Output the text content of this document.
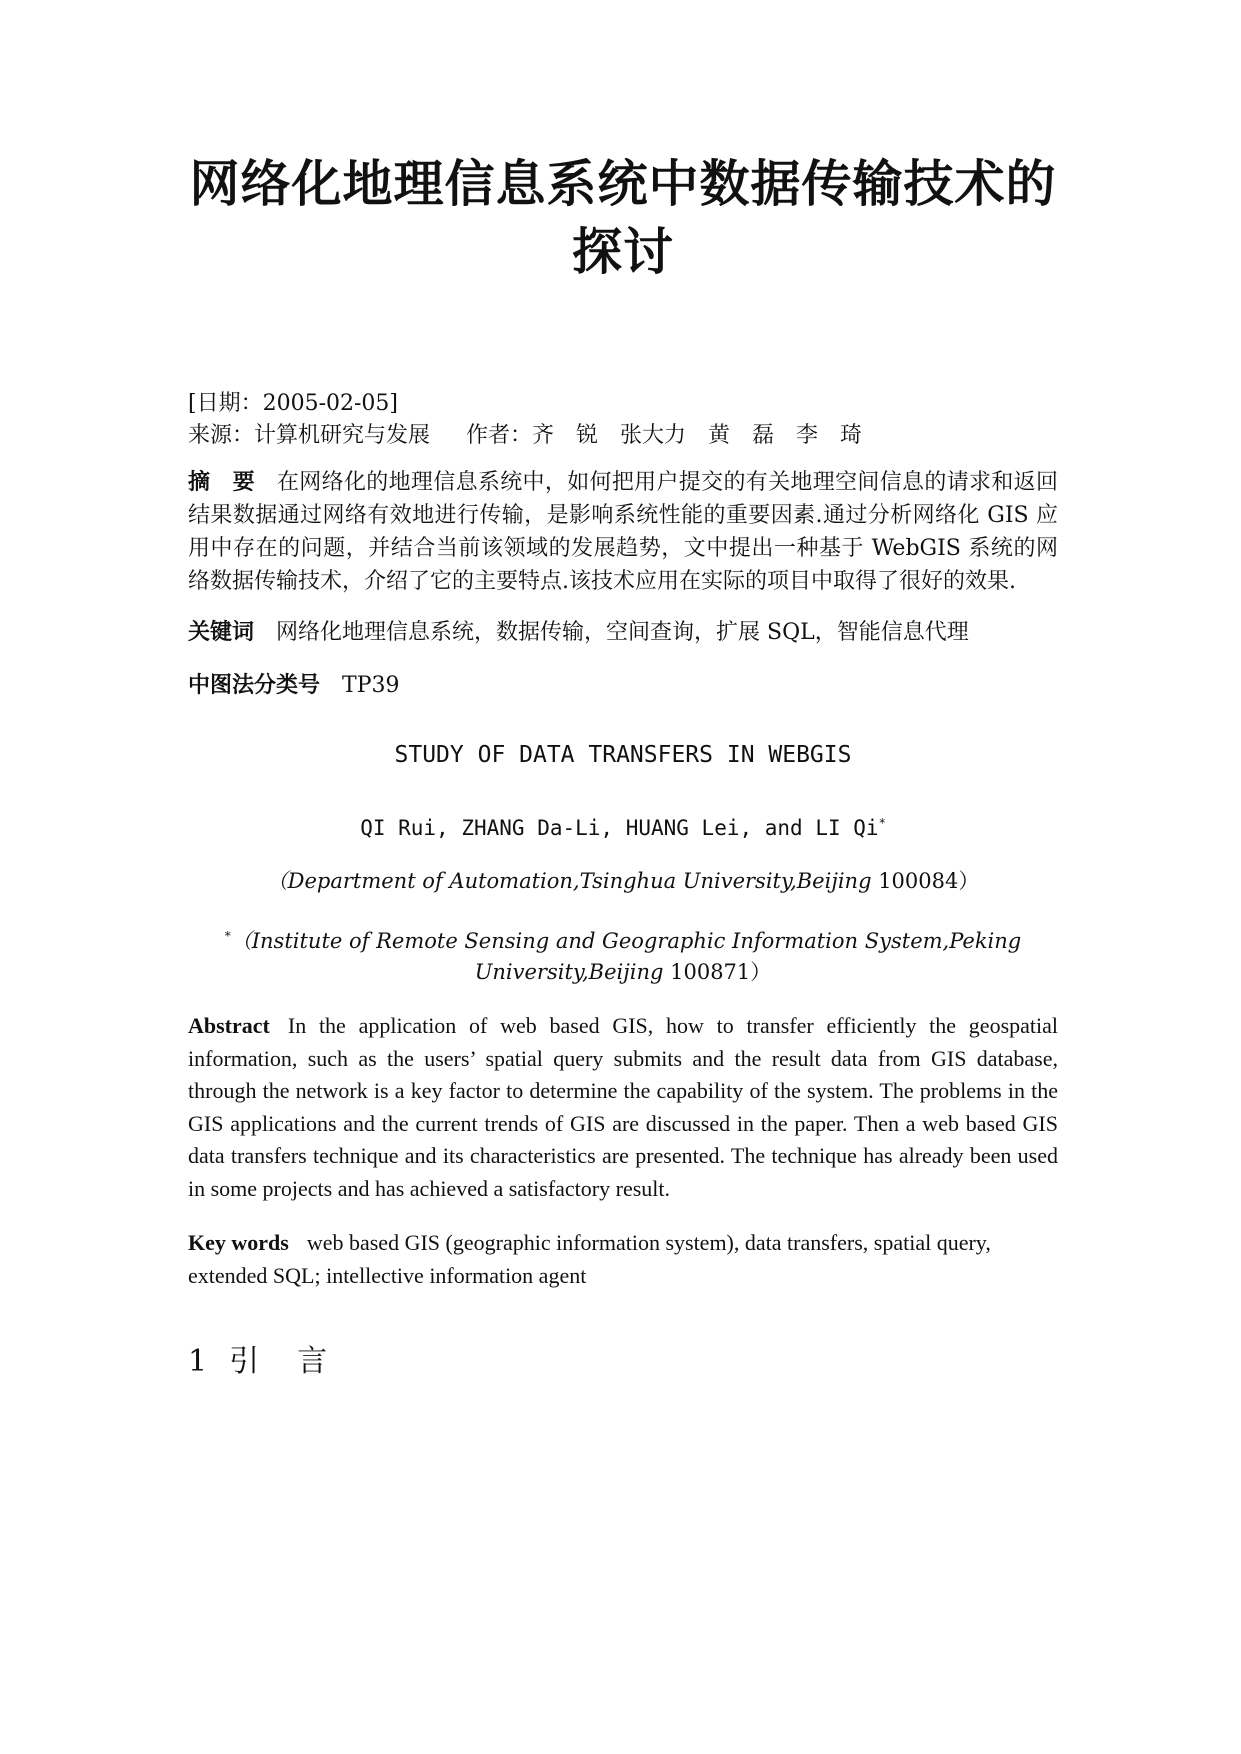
网络化地理信息系统中数据传输技术的探讨
[日期：2005-02-05]
来源：计算机研究与发展 作者：齐　锐　张大力　黄　磊　李　琦
摘　要 在网络化的地理信息系统中，如何把用户提交的有关地理空间信息的请求和返回结果数据通过网络有效地进行传输，是影响系统性能的重要因素.通过分析网络化 GIS 应用中存在的问题，并结合当前该领域的发展趋势，文中提出一种基于 WebGIS 系统的网络数据传输技术，介绍了它的主要特点.该技术应用在实际的项目中取得了很好的效果.
关键词 网络化地理信息系统，数据传输，空间查询，扩展 SQL，智能信息代理
中图法分类号 TP39
STUDY OF DATA TRANSFERS IN WEBGIS
QI Rui, ZHANG Da-Li, HUANG Lei, and LI Qi*
（Department of Automation,Tsinghua University,Beijing 100084）
*（Institute of Remote Sensing and Geographic Information System,Peking University,Beijing 100871）
Abstract In the application of web based GIS, how to transfer efficiently the geospatial information, such as the users’ spatial query submits and the result data from GIS database, through the network is a key factor to determine the capability of the system. The problems in the GIS applications and the current trends of GIS are discussed in the paper. Then a web based GIS data transfers technique and its characteristics are presented. The technique has already been used in some projects and has achieved a satisfactory result.
Key words web based GIS (geographic information system), data transfers, spatial query, extended SQL; intellective information agent
1 引　言
